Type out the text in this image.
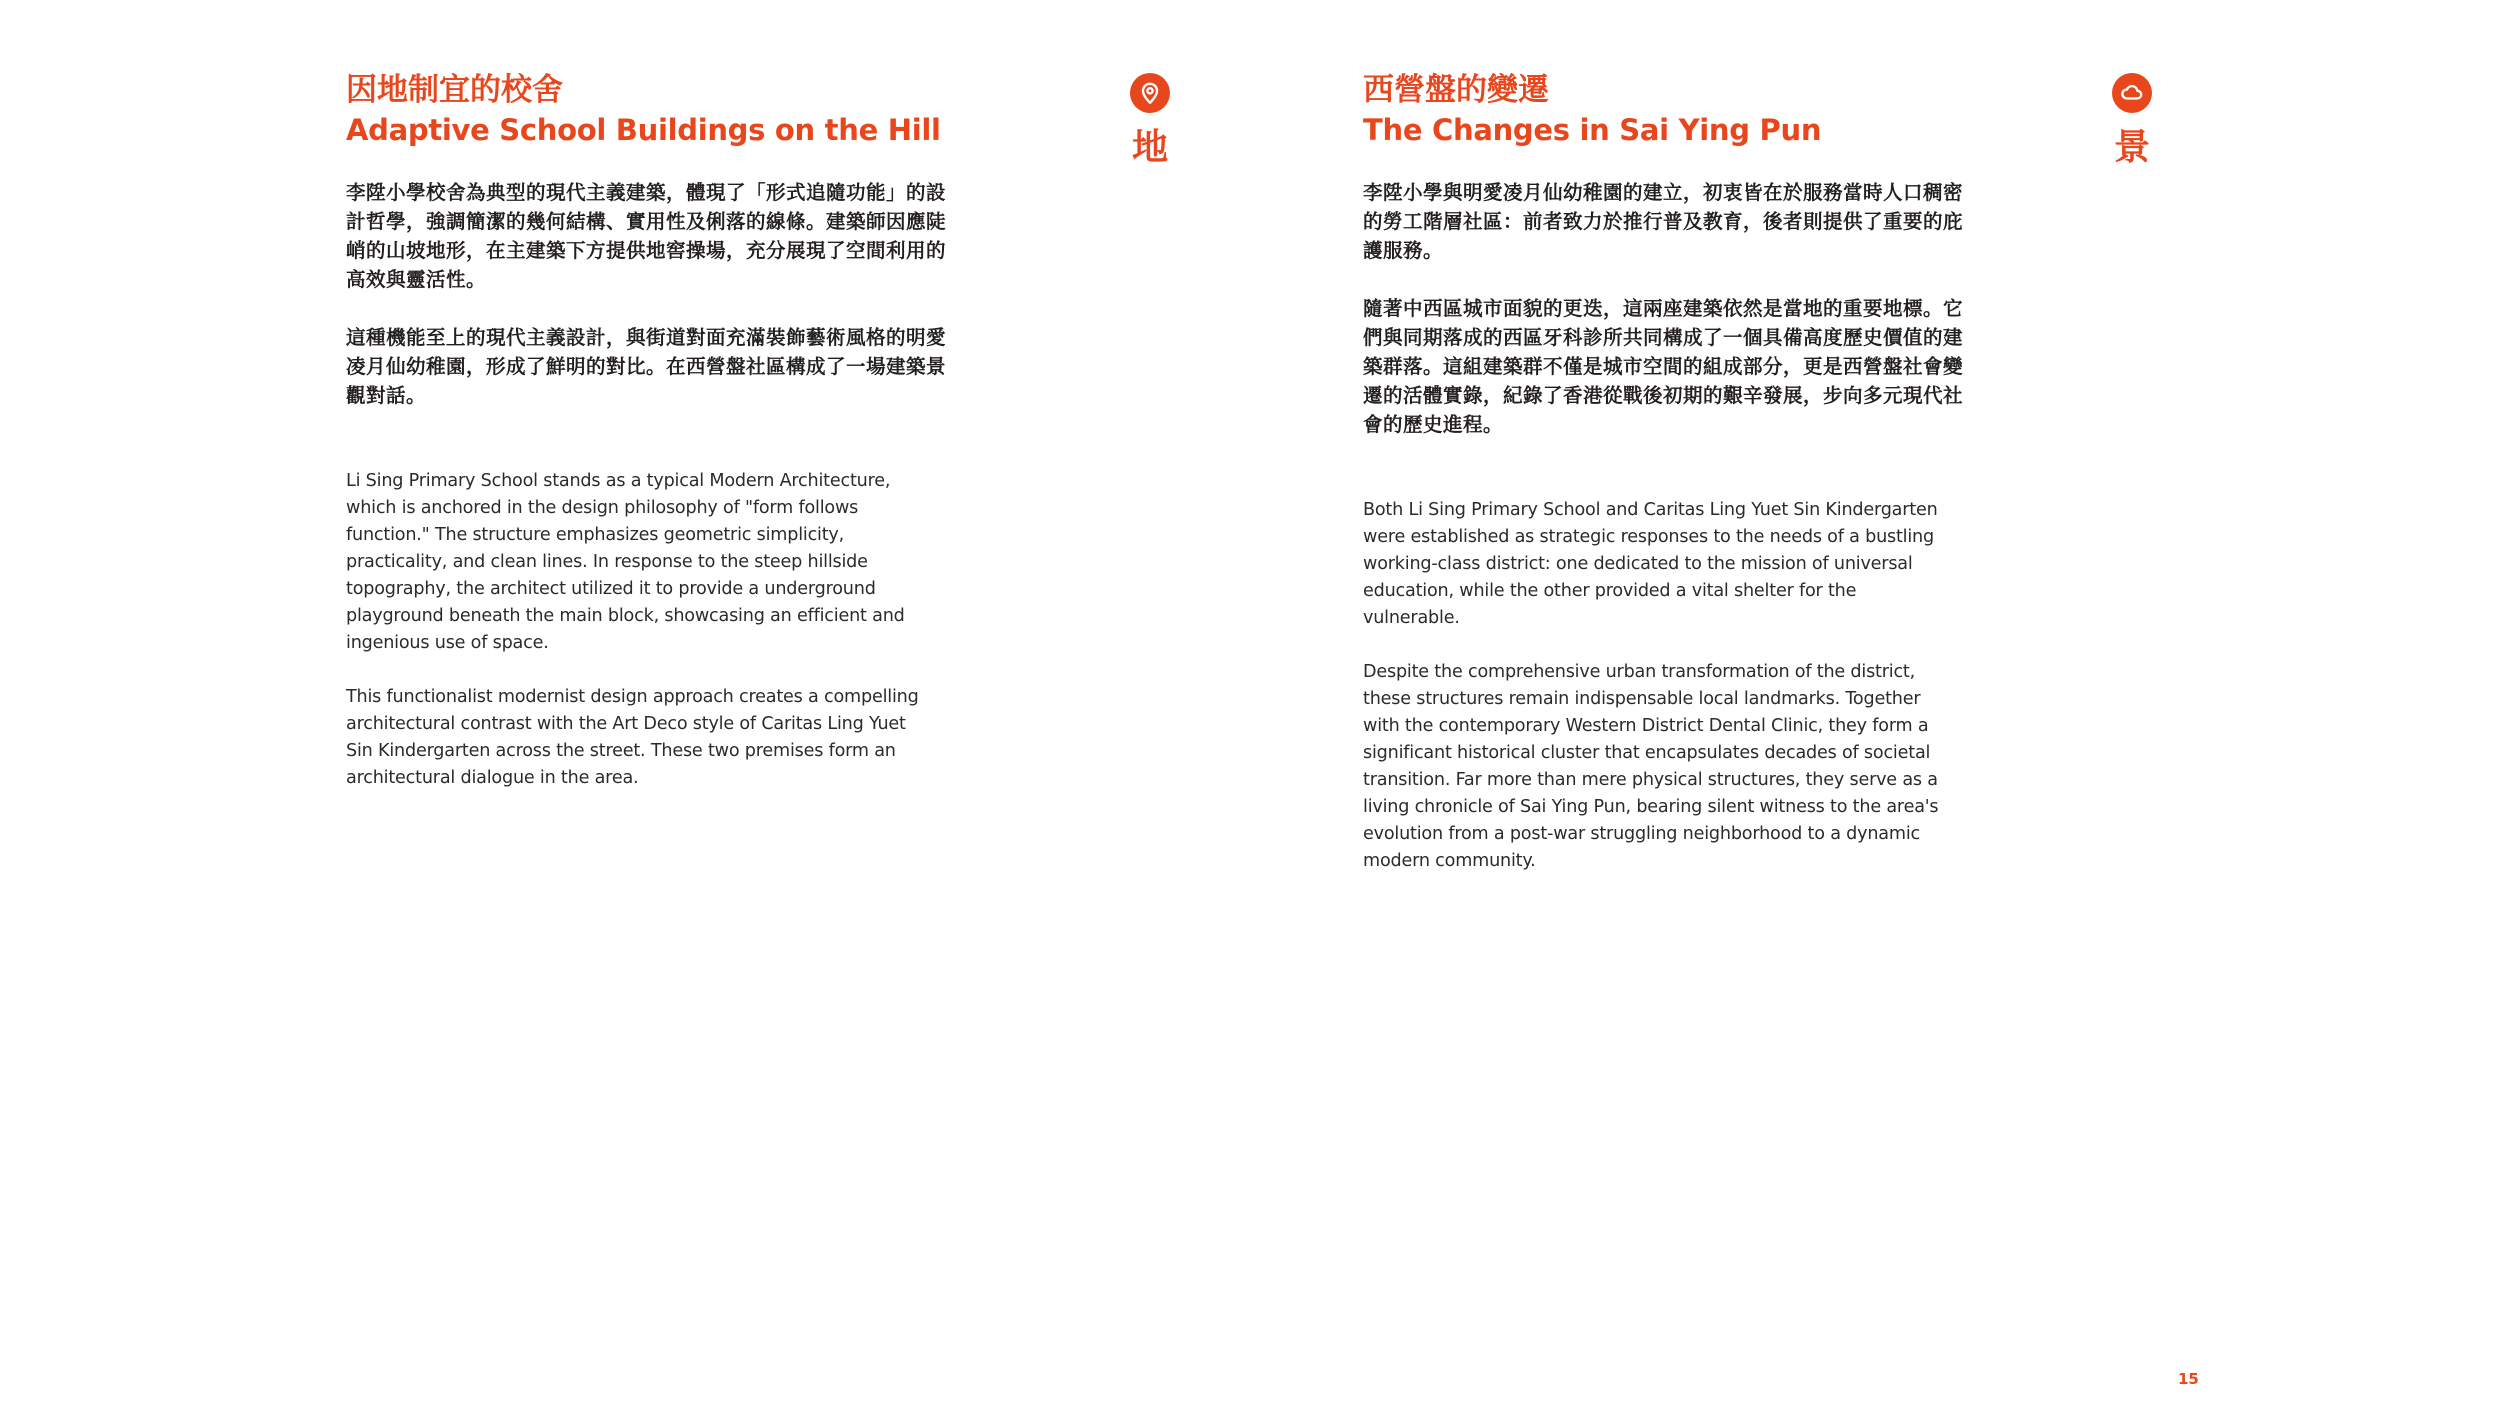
因地制宜的校舍
Adaptive School Buildings on the Hill

李陞小學校舍為典型的現代主義建築，體現了「形式追隨功能」的設計哲學，強調簡潔的幾何結構、實用性及俐落的線條。建築師因應陡峭的山坡地形，在主建築下方提供地窖操場，充分展現了空間利用的高效與靈活性。

這種機能至上的現代主義設計，與街道對面充滿裝飾藝術風格的明愛凌月仙幼稚園，形成了鮮明的對比。在西營盤社區構成了一場建築景觀對話。

Li Sing Primary School stands as a typical Modern Architecture, which is anchored in the design philosophy of "form follows function." The structure emphasizes geometric simplicity, practicality, and clean lines. In response to the steep hillside topography, the architect utilized it to provide a underground playground beneath the main block, showcasing an efficient and ingenious use of space.

This functionalist modernist design approach creates a compelling architectural contrast with the Art Deco style of Caritas Ling Yuet Sin Kindergarten across the street. These two premises form an architectural dialogue in the area.

地
西營盤的變遷
The Changes in Sai Ying Pun

李陞小學與明愛凌月仙幼稚園的建立，初衷皆在於服務當時人口稠密的勞工階層社區：前者致力於推行普及教育，後者則提供了重要的庇護服務。

隨著中西區城市面貌的更迭，這兩座建築依然是當地的重要地標。它們與同期落成的西區牙科診所共同構成了一個具備高度歷史價值的建築群落。這組建築群不僅是城市空間的組成部分，更是西營盤社會變遷的活體實錄，紀錄了香港從戰後初期的艱辛發展，步向多元現代社會的歷史進程。

Both Li Sing Primary School and Caritas Ling Yuet Sin Kindergarten were established as strategic responses to the needs of a bustling working-class district: one dedicated to the mission of universal education, while the other provided a vital shelter for the vulnerable.

Despite the comprehensive urban transformation of the district, these structures remain indispensable local landmarks. Together with the contemporary Western District Dental Clinic, they form a significant historical cluster that encapsulates decades of societal transition. Far more than mere physical structures, they serve as a living chronicle of Sai Ying Pun, bearing silent witness to the area's evolution from a post-war struggling neighborhood to a dynamic modern community.

景
15
